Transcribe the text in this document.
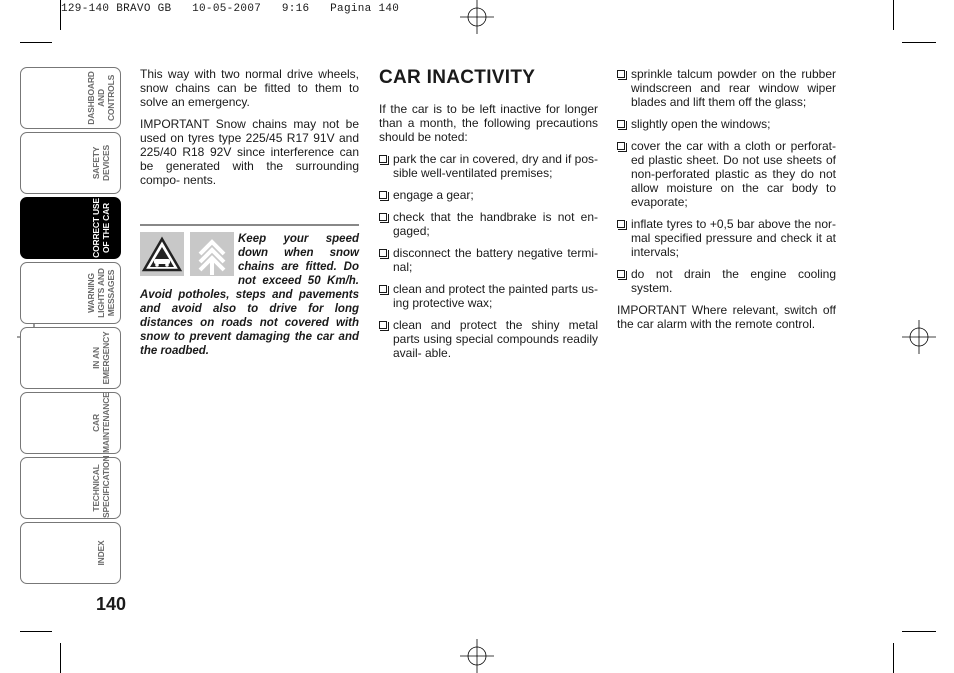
129-140 BRAVO GB   10-05-2007   9:16   Pagina 140
DASHBOARD
AND CONTROLS
SAFETY
DEVICES
CORRECT USE
OF THE CAR
WARNING
LIGHTS AND
MESSAGES
IN AN
EMERGENCY
CAR
MAINTENANCE
TECHNICAL
SPECIFICATION
INDEX
140

This way with two normal drive wheels, snow chains can be fitted to them to solve an emergency.

IMPORTANT Snow chains may not be used on tyres type 225/45 R17 91V and 225/40 R18 92V since interference can be generated with the surrounding compo- nents.

Keep your speed down when snow chains are fitted. Do not exceed 50 Km/h. Avoid potholes, steps and pavements and avoid also to drive for long distances on roads not covered with snow to prevent damaging the car and the roadbed.
CAR INACTIVITY

If the car is to be left inactive for longer than a month, the following precautions should be noted:

park the car in covered, dry and if pos- sible well-ventilated premises;
engage a gear;
check that the handbrake is not en- gaged;
disconnect the battery negative termi- nal;
clean and protect the painted parts us- ing protective wax;
clean and protect the shiny metal parts using special compounds readily avail- able.
sprinkle talcum powder on the rubber windscreen and rear window wiper blades and lift them off the glass;
slightly open the windows;
cover the car with a cloth or perforat- ed plastic sheet. Do not use sheets of non-perforated plastic as they do not allow moisture on the car body to evaporate;
inflate tyres to +0,5 bar above the nor- mal specified pressure and check it at intervals;
do not drain the engine cooling system.

IMPORTANT Where relevant, switch off the car alarm with the remote control.
